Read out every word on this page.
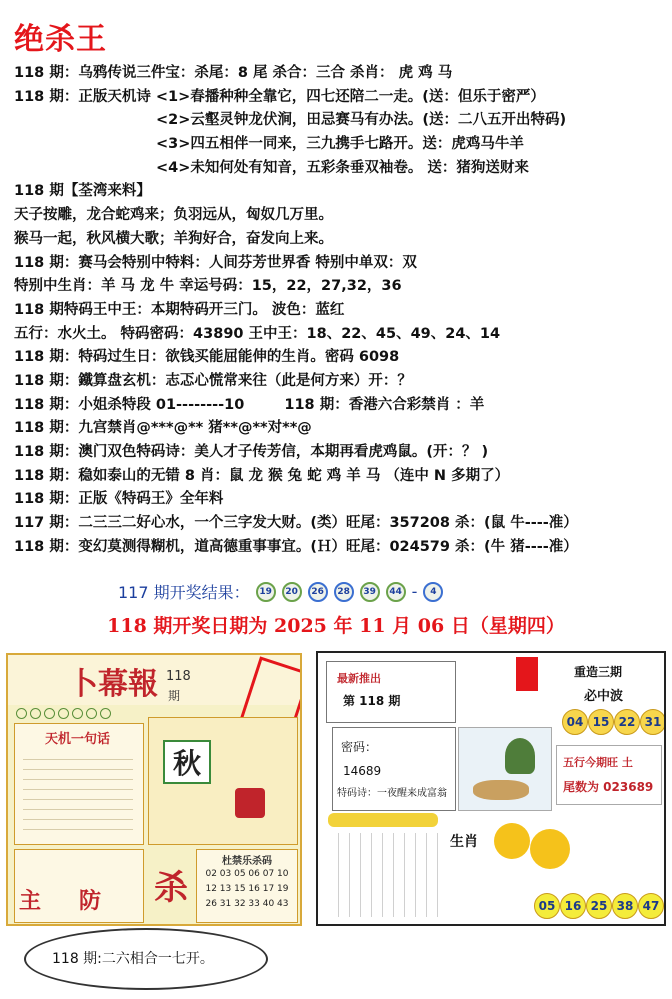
绝杀王
118 期：乌鸦传说三件宝：杀尾：8 尾 杀合：三合 杀肖： 虎 鸡 马
118 期：正版天机诗 <1>春播种种全靠它，四七还陪二一走。(送：但乐于密严）
<2>云壑灵钟龙伏涧，田忌赛马有办法。(送：二八五开出特码)
<3>四五相伴一同来，三九携手七路开。送：虎鸡马牛羊
<4>未知何处有知音，五彩条垂双袖卷。 送：猪狗送财来
118 期【荃湾来料】
天子按雕，龙合蛇鸡来；负羽远从，匈奴几万里。
猴马一起，秋风横大歌；羊狗好合，奋发向上来。
118 期：赛马会特别中特料：人间芬芳世界香 特别中单双：双
特别中生肖：羊 马 龙 牛 幸运号码：15，22，27,32，36
118 期特码王中王：本期特码开三门。 波色：蓝红
五行：水火土。 特码密码：43890 王中王：18、22、45、49、24、14
118 期：特码过生日：欲钱买能屈能伸的生肖。密码 6098
118 期：鐵算盘玄机：志忑心慌常来往（此是何方来）开：？
118 期：小姐杀特段 01--------10	118 期：香港六合彩禁肖 ：羊
118 期：九宫禁肖@***@** 猪**@**对**@
118 期：澳门双色特码诗：美人才子传芳信，本期再看虎鸡鼠。(开：？ )
118 期：稳如泰山的无错 8 肖：鼠 龙 猴 兔 蛇 鸡 羊 马 （连中 N 多期了）
118 期：正版《特码王》全年料
117 期：二三三二好心水，一个三字发大财。(类）旺尾：357208 杀：(鼠 牛----准）
118 期：变幻莫测得糊机，道高德重事事宜。(Ｈ）旺尾：024579 杀：(牛 猪----准）
117 期开奖结果：	19	20	26	28	39	44 -	4
118 期开奖日期为 2025 年 11 月 06 日（星期四）
卜幕報 118
期
天机一句话
秋
主 防 杀
杜禁乐杀码
02 03 05 06 07 10
12 13 15 16 17 19
26 31 32 33 40 43
最新推出
第 118 期
重造三期
必中波
04 15 22 31
密码：
14689
特码诗：一夜醒来成富翁
五行今期旺 土
尾数为 023689
生肖
05 16 25 38 47
118 期:二六相合一七开。
